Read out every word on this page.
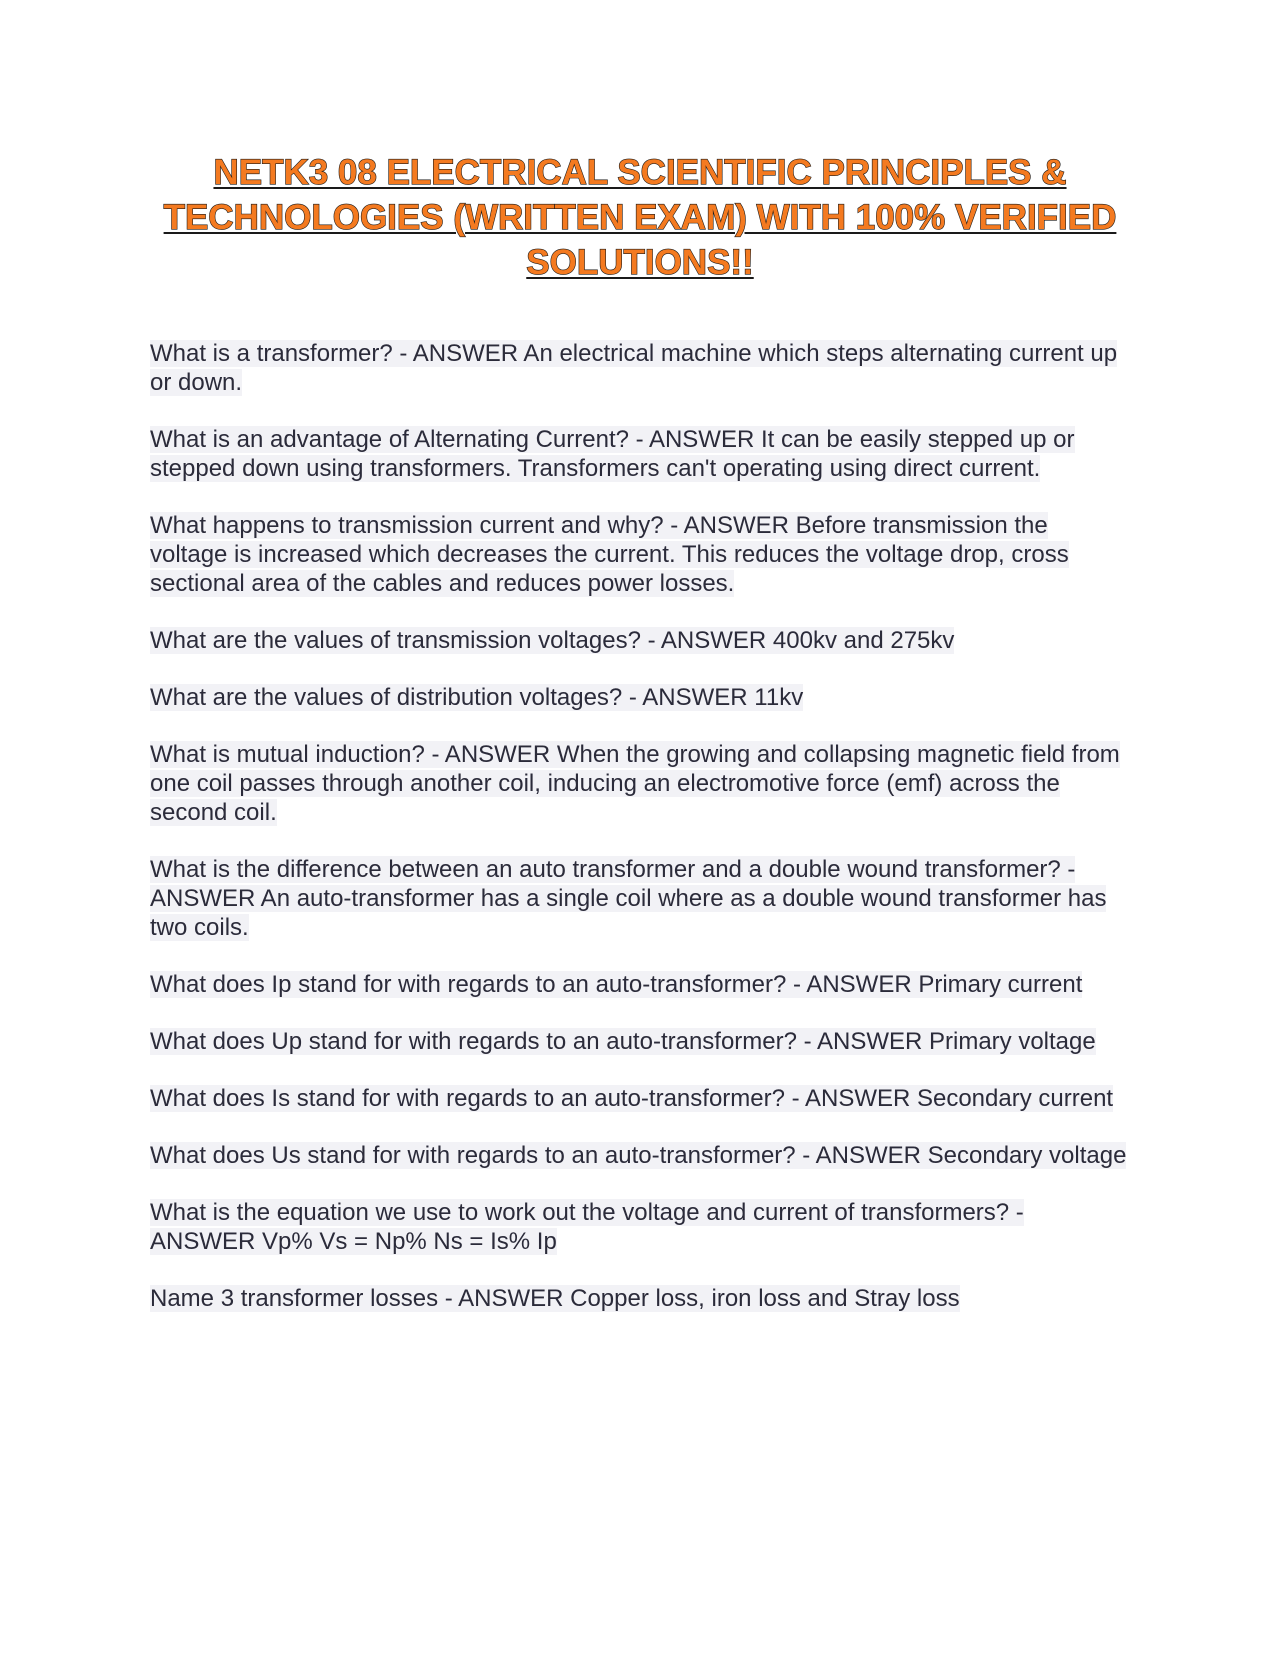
NETK3 08 ELECTRICAL SCIENTIFIC PRINCIPLES & TECHNOLOGIES (WRITTEN EXAM) WITH 100% VERIFIED SOLUTIONS!!

What is a transformer? - ANSWER An electrical machine which steps alternating current up or down.

What is an advantage of Alternating Current? - ANSWER It can be easily stepped up or stepped down using transformers. Transformers can't operating using direct current.

What happens to transmission current and why? - ANSWER Before transmission the voltage is increased which decreases the current. This reduces the voltage drop, cross sectional area of the cables and reduces power losses.

What are the values of transmission voltages? - ANSWER 400kv and 275kv

What are the values of distribution voltages? - ANSWER 11kv

What is mutual induction? - ANSWER When the growing and collapsing magnetic field from one coil passes through another coil, inducing an electromotive force (emf) across the second coil.

What is the difference between an auto transformer and a double wound transformer? - ANSWER An auto-transformer has a single coil where as a double wound transformer has two coils.

What does Ip stand for with regards to an auto-transformer? - ANSWER Primary current

What does Up stand for with regards to an auto-transformer? - ANSWER Primary voltage

What does Is stand for with regards to an auto-transformer? - ANSWER Secondary current

What does Us stand for with regards to an auto-transformer? - ANSWER Secondary voltage

What is the equation we use to work out the voltage and current of transformers? - ANSWER Vp% Vs = Np% Ns = Is% Ip

Name 3 transformer losses - ANSWER Copper loss, iron loss and Stray loss
